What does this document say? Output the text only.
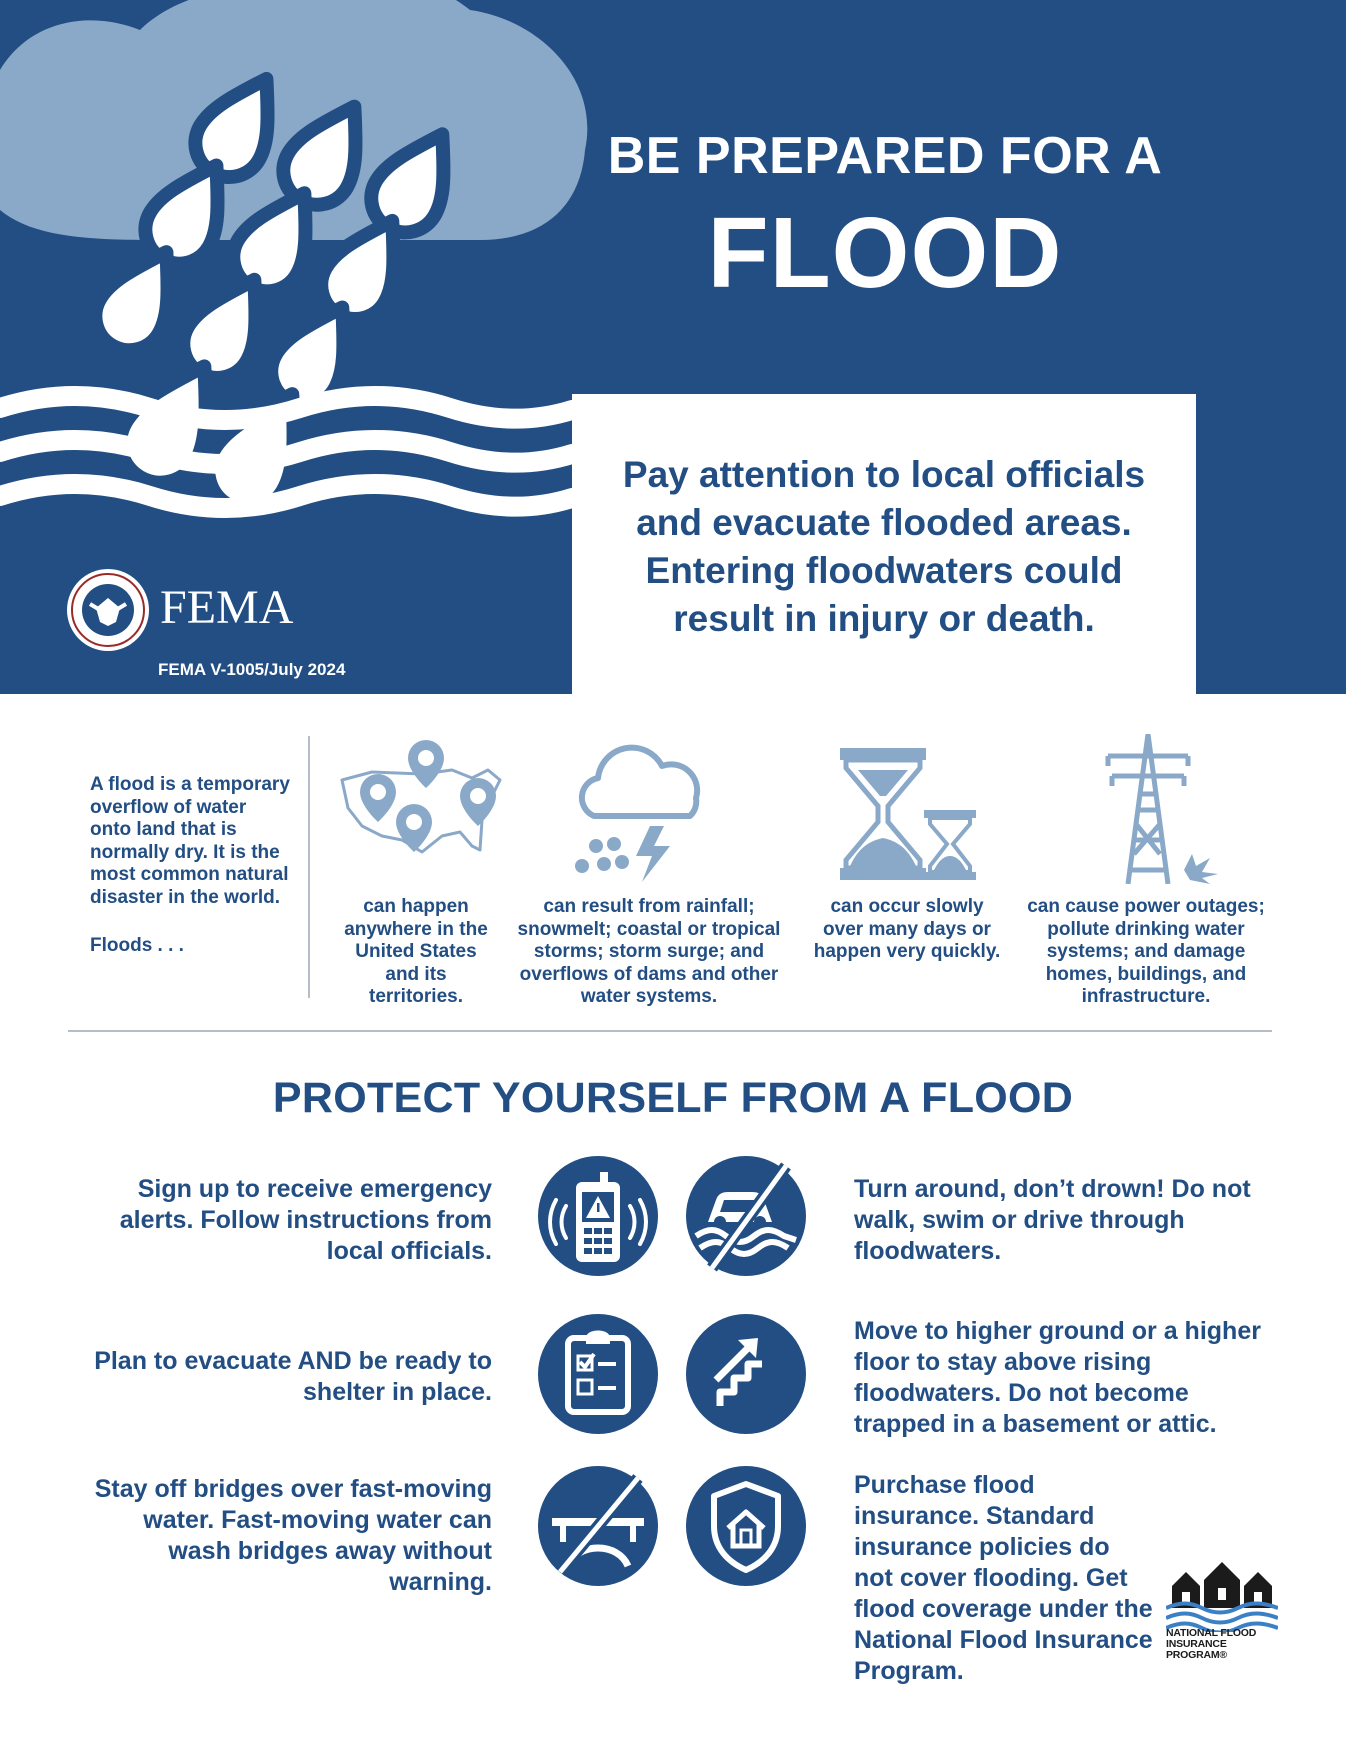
BE PREPARED FOR A
FLOOD

Pay attention to local officials and evacuate flooded areas. Entering floodwaters could result in injury or death.

FEMA
FEMA V-1005/July 2024
A flood is a temporary overflow of water onto land that is normally dry. It is the most common natural disaster in the world.
Floods . . .
can happen anywhere in the United States and its territories.
can result from rainfall; snowmelt; coastal or tropical storms; storm surge; and overflows of dams and other water systems.
can occur slowly over many days or happen very quickly.
can cause power outages; pollute drinking water systems; and damage homes, buildings, and infrastructure.
PROTECT YOURSELF FROM A FLOOD
Sign up to receive emergency alerts. Follow instructions from local officials.
Turn around, don’t drown! Do not walk, swim or drive through floodwaters.
Plan to evacuate AND be ready to shelter in place.
Move to higher ground or a higher floor to stay above rising floodwaters. Do not become trapped in a basement or attic.
Stay off bridges over fast-moving water. Fast-moving water can wash bridges away without warning.
Purchase flood insurance. Standard insurance policies do not cover flooding. Get flood coverage under the National Flood Insurance Program.
NATIONAL FLOOD INSURANCE PROGRAM®
